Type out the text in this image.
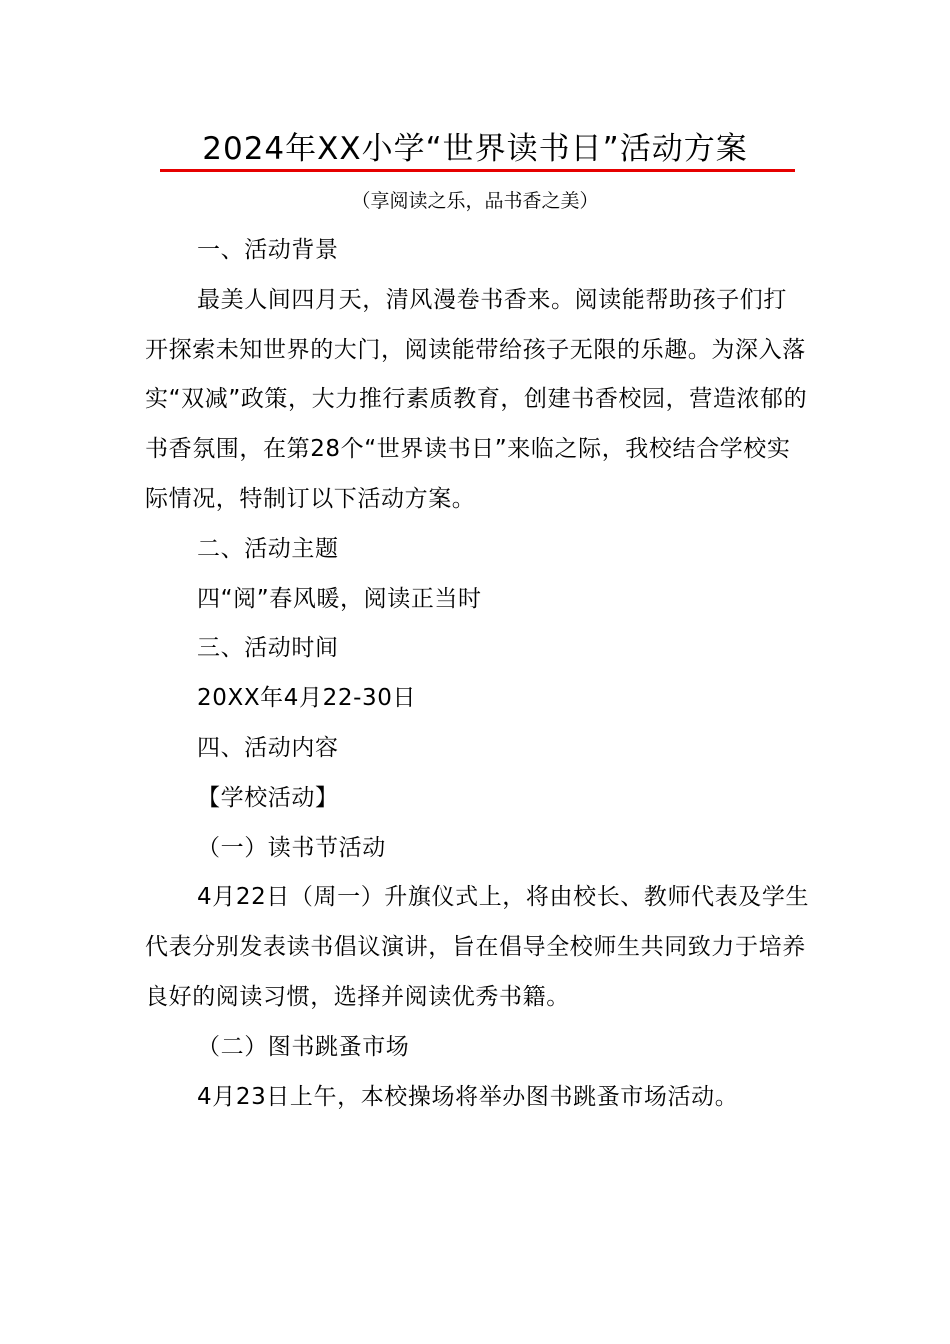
2024年XX小学“世界读书日”活动方案
（享阅读之乐，品书香之美）

一、活动背景

最美人间四月天，清风漫卷书香来。阅读能帮助孩子们打开探索未知世界的大门，阅读能带给孩子无限的乐趣。为深入落实“双减”政策，大力推行素质教育，创建书香校园，营造浓郁的书香氛围，在第28个“世界读书日”来临之际，我校结合学校实际情况，特制订以下活动方案。

二、活动主题

四“阅”春风暖，阅读正当时

三、活动时间

20XX年4月22-30日

四、活动内容

【学校活动】

（一）读书节活动

4月22日（周一）升旗仪式上，将由校长、教师代表及学生代表分别发表读书倡议演讲，旨在倡导全校师生共同致力于培养良好的阅读习惯，选择并阅读优秀书籍。

（二）图书跳蚤市场

4月23日上午，本校操场将举办图书跳蚤市场活动。
